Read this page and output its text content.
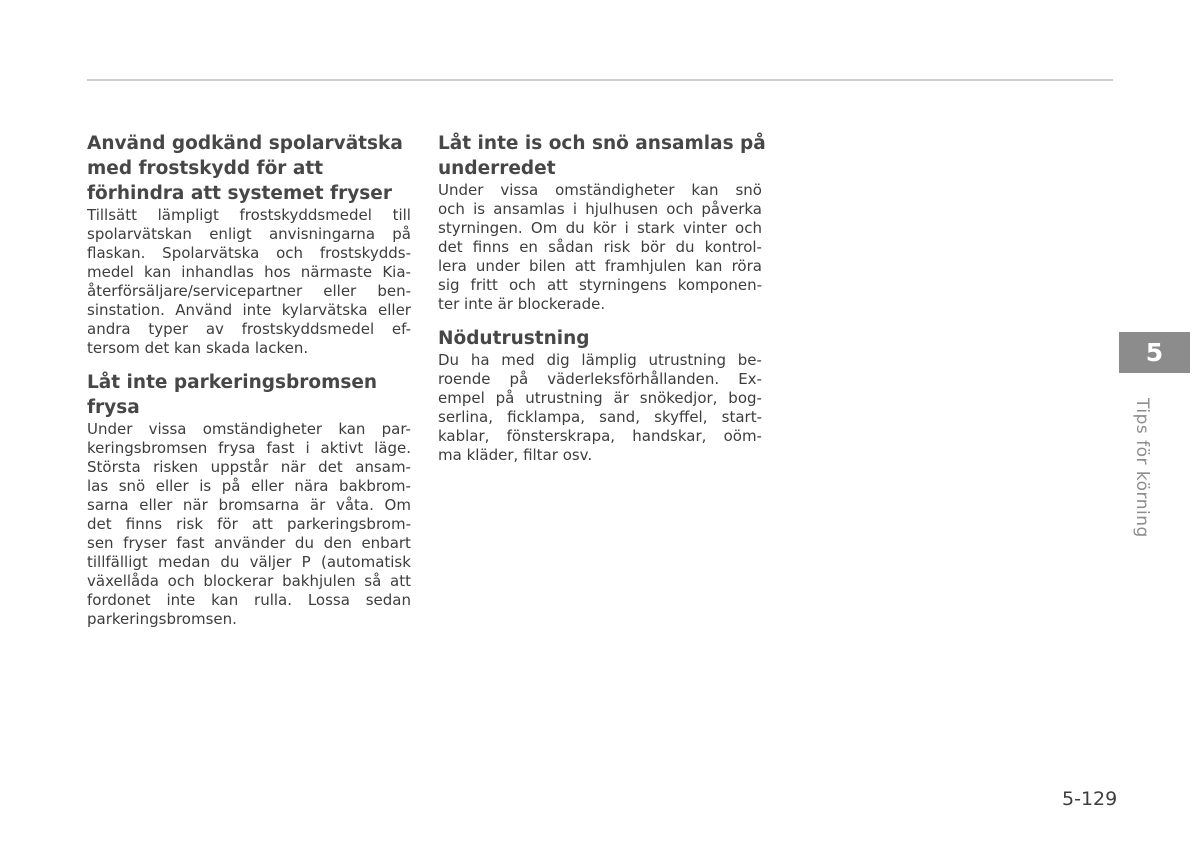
Använd godkänd spolarvätska
med frostskydd för att
förhindra att systemet fryser

Tillsätt lämpligt frostskyddsmedel till
spolarvätskan enligt anvisningarna på
flaskan. Spolarvätska och frostskydds-
medel kan inhandlas hos närmaste Kia-
återförsäljare/servicepartner eller ben-
sinstation. Använd inte kylarvätska eller
andra typer av frostskyddsmedel ef-
tersom det kan skada lacken.

Låt inte parkeringsbromsen
frysa

Under vissa omständigheter kan par-
keringsbromsen frysa fast i aktivt läge.
Största risken uppstår när det ansam-
las snö eller is på eller nära bakbrom-
sarna eller när bromsarna är våta. Om
det finns risk för att parkeringsbrom-
sen fryser fast använder du den enbart
tillfälligt medan du väljer P (automatisk
växellåda och blockerar bakhjulen så att
fordonet inte kan rulla. Lossa sedan
parkeringsbromsen.

Låt inte is och snö ansamlas på
underredet

Under vissa omständigheter kan snö
och is ansamlas i hjulhusen och påverka
styrningen. Om du kör i stark vinter och
det finns en sådan risk bör du kontrol-
lera under bilen att framhjulen kan röra
sig fritt och att styrningens komponen-
ter inte är blockerade.

Nödutrustning

Du ha med dig lämplig utrustning be-
roende på väderleksförhållanden. Ex-
empel på utrustning är snökedjor, bog-
serlina, ficklampa, sand, skyffel, start-
kablar, fönsterskrapa, handskar, oöm-
ma kläder, filtar osv.

5
Tips för körning
5-129
